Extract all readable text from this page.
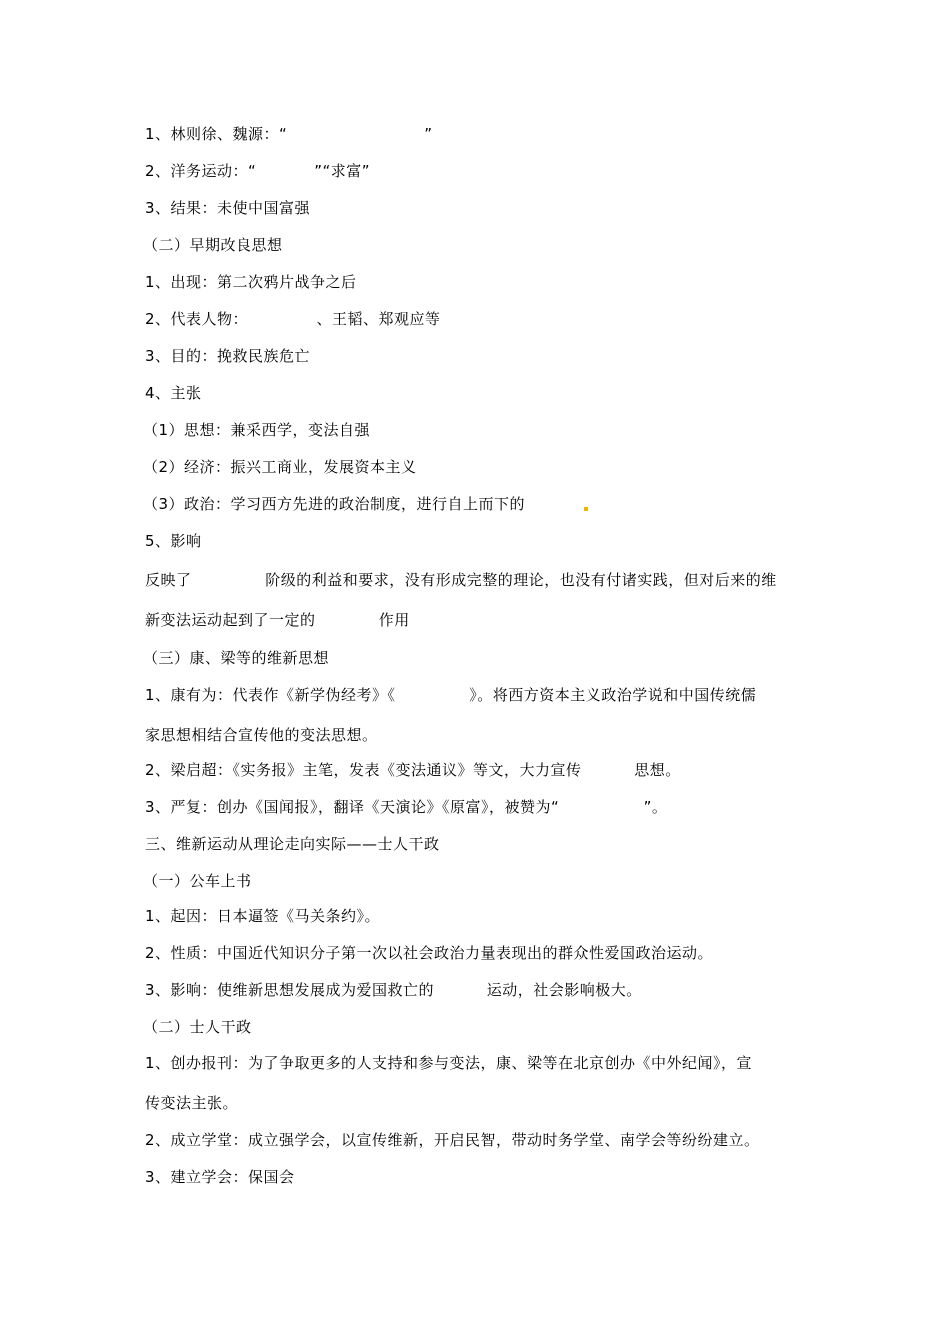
1、林则徐、魏源：“                          ”
2、洋务运动：“           ”“求富”
3、结果：未使中国富强
（二）早期改良思想
1、出现：第二次鸦片战争之后
2、代表人物：             、王韬、郑观应等
3、目的：挽救民族危亡
4、主张
（1）思想：兼采西学，变法自强
（2）经济：振兴工商业，发展资本主义
（3）政治：学习西方先进的政治制度，进行自上而下的
5、影响
反映了              阶级的利益和要求，没有形成完整的理论，也没有付诸实践，但对后来的维
新变法运动起到了一定的            作用
（三）康、梁等的维新思想
1、康有为：代表作《新学伪经考》《              》。将西方资本主义政治学说和中国传统儒
家思想相结合宣传他的变法思想。
2、梁启超：《实务报》主笔，发表《变法通议》等文，大力宣传          思想。
3、严复：创办《国闻报》，翻译《天演论》《原富》，被赞为“                ”。
三、维新运动从理论走向实际——士人干政
（一）公车上书
1、起因：日本逼签《马关条约》。
2、性质：中国近代知识分子第一次以社会政治力量表现出的群众性爱国政治运动。
3、影响：使维新思想发展成为爱国救亡的          运动，社会影响极大。
（二）士人干政
1、创办报刊：为了争取更多的人支持和参与变法，康、梁等在北京创办《中外纪闻》，宣
传变法主张。
2、成立学堂：成立强学会，以宣传维新，开启民智，带动时务学堂、南学会等纷纷建立。
3、建立学会：保国会
